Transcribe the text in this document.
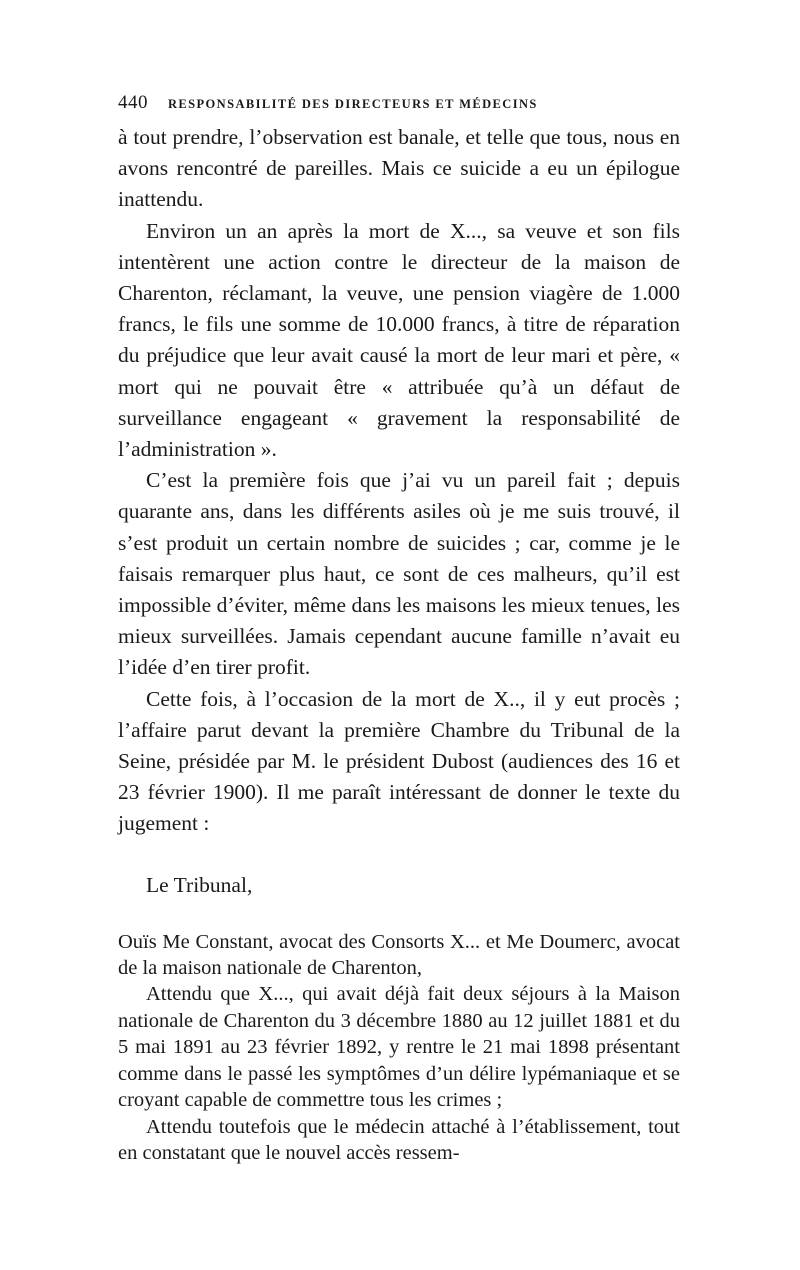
440	RESPONSABILITÉ DES DIRECTEURS ET MÉDECINS

à tout prendre, l’observation est banale, et telle que tous, nous en avons rencontré de pareilles. Mais ce suicide a eu un épilogue inattendu.

Environ un an après la mort de X..., sa veuve et son fils intentèrent une action contre le directeur de la maison de Charenton, réclamant, la veuve, une pension viagère de 1.000 francs, le fils une somme de 10.000 francs, à titre de réparation du préjudice que leur avait causé la mort de leur mari et père, « mort qui ne pouvait être « attribuée qu’à un défaut de surveillance engageant « gravement la responsabilité de l’administration ».

C’est la première fois que j’ai vu un pareil fait ; depuis quarante ans, dans les différents asiles où je me suis trouvé, il s’est produit un certain nombre de suicides ; car, comme je le faisais remarquer plus haut, ce sont de ces malheurs, qu’il est impossible d’éviter, même dans les maisons les mieux tenues, les mieux surveillées. Jamais cependant aucune famille n’avait eu l’idée d’en tirer profit.

Cette fois, à l’occasion de la mort de X.., il y eut procès ; l’affaire parut devant la première Chambre du Tribunal de la Seine, présidée par M. le président Dubost (audiences des 16 et 23 février 1900). Il me paraît intéressant de donner le texte du jugement :

Le Tribunal,

Ouïs Me Constant, avocat des Consorts X... et Me Doumerc, avocat de la maison nationale de Charenton,

Attendu que X..., qui avait déjà fait deux séjours à la Maison nationale de Charenton du 3 décembre 1880 au 12 juillet 1881 et du 5 mai 1891 au 23 février 1892, y rentre le 21 mai 1898 présentant comme dans le passé les symptômes d’un délire lypémaniaque et se croyant capable de commettre tous les crimes ;

Attendu toutefois que le médecin attaché à l’établissement, tout en constatant que le nouvel accès ressem-
